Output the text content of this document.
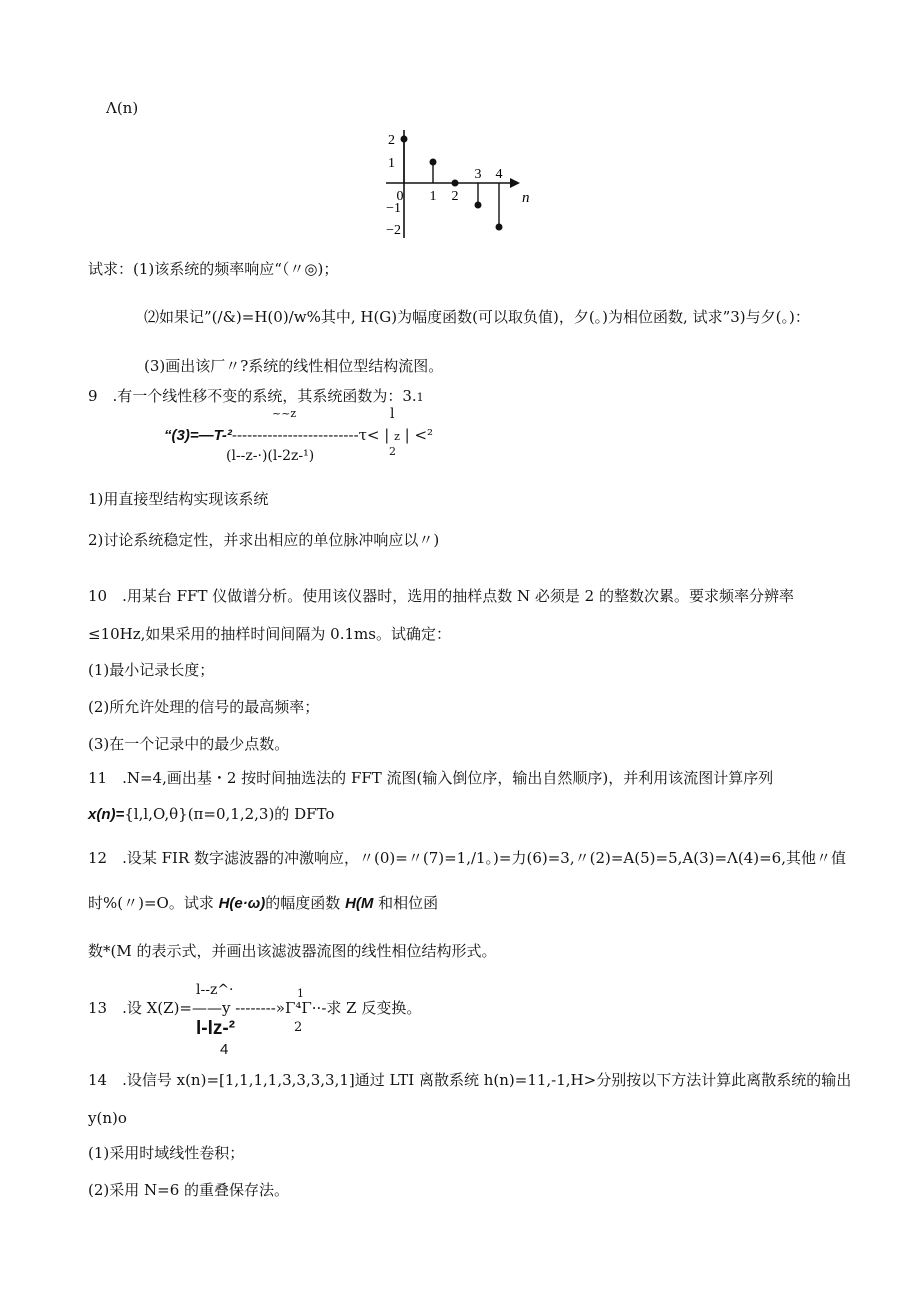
Λ(n)
2
1
−1
−2
0 1 2
3 4
n
试求：(1)该系统的频率响应“（〃◎)；
⑵如果记”(/&)=H(0)/w%其中, H(G)为幅度函数(可以取负值)，夕(。)为相位函数, 试求”3)与夕(。)：
(3)画出该厂〃?系统的线性相位型结构流图。
9　.有一个线性移不变的系统，其系统函数为：3.1
~~z	l
“(3)=—T-²-------------------------τ< | z | <²
(l--z-·)(l-2z-¹)	2
1)用直接型结构实现该系统
2)讨论系统稳定性，并求出相应的单位脉冲响应以〃)
10　.用某台 FFT 仪做谱分析。使用该仪器时，选用的抽样点数 N 必须是 2 的整数次累。要求频率分辨率
≤10Hz,如果采用的抽样时间间隔为 0.1ms。试确定：
(1)最小记录长度；
(2)所允许处理的信号的最高频率；
(3)在一个记录中的最少点数。
11　.N=4,画出基・2 按时间抽选法的 FFT 流图(输入倒位序，输出自然顺序)，并利用该流图计算序列
x(n)={l,l,O,θ}(π=0,1,2,3)的 DFTo
12　.设某 FIR 数字滤波器的冲激响应，〃(0)=〃(7)=1,/1。)=力(6)=3,〃(2)=A(5)=5,A(3)=Λ(4)=6,其他〃值
时%(〃)=O。试求 H(e·ω)的幅度函数 H(M 和相位函
数*(M 的表示式，并画出该滤波器流图的线性相位结构形式。
l--z^·	1
13　.设 X(Z)=——y --------»Γ⁴Γ··-求 Z 反变换。
l-lz-²	2
4
14　.设信号 x(n)=[1,1,1,1,3,3,3,3,1]通过 LTI 离散系统 h(n)=11,-1,H>分别按以下方法计算此离散系统的输出
y(n)o
(1)采用时域线性卷积；
(2)采用 N=6 的重叠保存法。
